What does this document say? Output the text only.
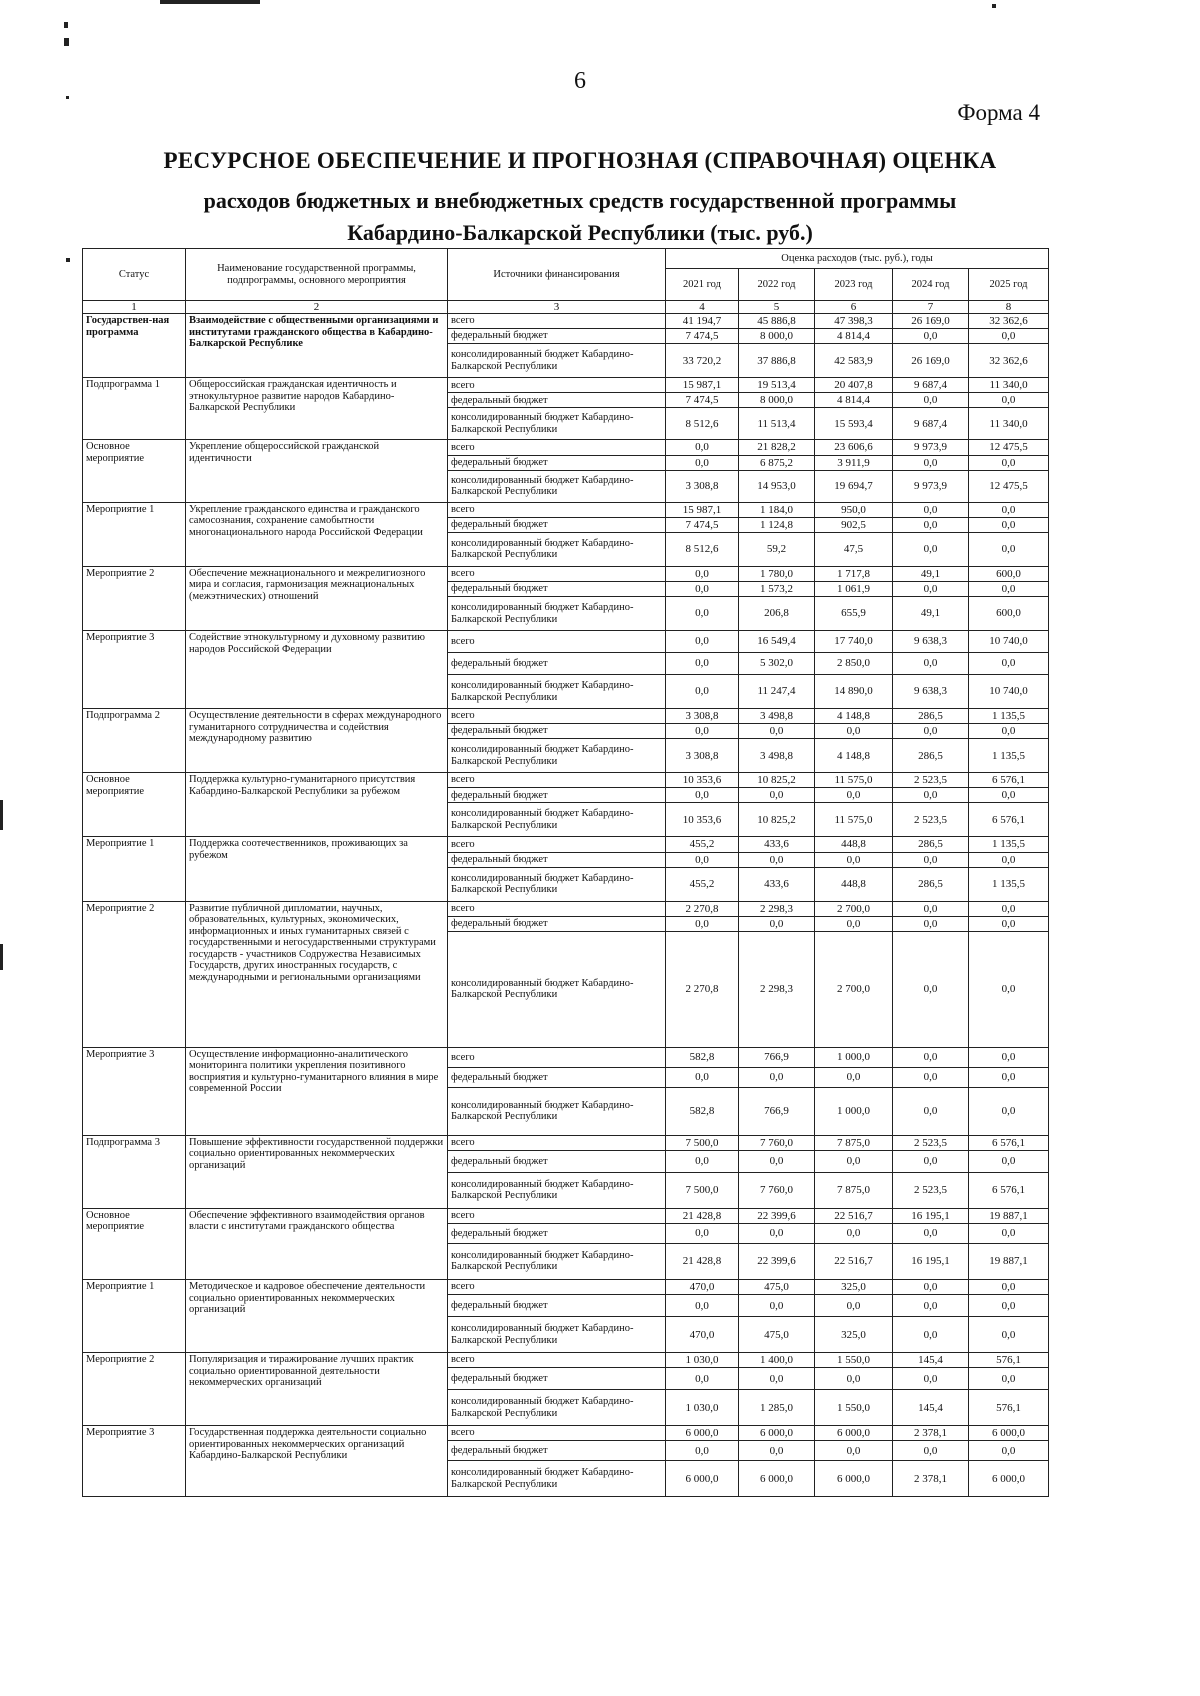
6
Форма 4
РЕСУРСНОЕ ОБЕСПЕЧЕНИЕ И ПРОГНОЗНАЯ (СПРАВОЧНАЯ) ОЦЕНКА
расходов бюджетных и внебюджетных средств государственной программы
Кабардино-Балкарской Республики (тыс. руб.)
Статус	Наименование государственной программы, подпрограммы, основного мероприятия	Источники финансирования	Оценка расходов (тыс. руб.), годы				
			2021 год	2022 год	2023 год	2024 год	2025 год
1	2	3	4	5	6	7	8
Государствен-ная программа	Взаимодействие с общественными организациями и институтами гражданского общества в Кабардино-Балкарской Республике	всего	41 194,7	45 886,8	47 398,3	26 169,0	32 362,6
		федеральный бюджет	7 474,5	8 000,0	4 814,4	0,0	0,0
		консолидированный бюджет Кабардино-Балкарской Республики	33 720,2	37 886,8	42 583,9	26 169,0	32 362,6
Подпрограмма 1	Общероссийская гражданская идентичность и этнокультурное развитие народов Кабардино-Балкарской Республики	всего	15 987,1	19 513,4	20 407,8	9 687,4	11 340,0
		федеральный бюджет	7 474,5	8 000,0	4 814,4	0,0	0,0
		консолидированный бюджет Кабардино-Балкарской Республики	8 512,6	11 513,4	15 593,4	9 687,4	11 340,0
Основное мероприятие	Укрепление общероссийской гражданской идентичности	всего	0,0	21 828,2	23 606,6	9 973,9	12 475,5
		федеральный бюджет	0,0	6 875,2	3 911,9	0,0	0,0
		консолидированный бюджет Кабардино-Балкарской Республики	3 308,8	14 953,0	19 694,7	9 973,9	12 475,5
Мероприятие 1	Укрепление гражданского единства и гражданского самосознания, сохранение самобытности многонационального народа Российской Федерации	всего	15 987,1	1 184,0	950,0	0,0	0,0
		федеральный бюджет	7 474,5	1 124,8	902,5	0,0	0,0
		консолидированный бюджет Кабардино-Балкарской Республики	8 512,6	59,2	47,5	0,0	0,0
Мероприятие 2	Обеспечение межнационального и межрелигиозного мира и согласия, гармонизация межнациональных (межэтнических) отношений	всего	0,0	1 780,0	1 717,8	49,1	600,0
		федеральный бюджет	0,0	1 573,2	1 061,9	0,0	0,0
		консолидированный бюджет Кабардино-Балкарской Республики	0,0	206,8	655,9	49,1	600,0
Мероприятие 3	Содействие этнокультурному и духовному развитию народов Российской Федерации	всего	0,0	16 549,4	17 740,0	9 638,3	10 740,0
		федеральный бюджет	0,0	5 302,0	2 850,0	0,0	0,0
		консолидированный бюджет Кабардино-Балкарской Республики	0,0	11 247,4	14 890,0	9 638,3	10 740,0
Подпрограмма 2	Осуществление деятельности в сферах международного гуманитарного сотрудничества и содействия международному развитию	всего	3 308,8	3 498,8	4 148,8	286,5	1 135,5
		федеральный бюджет	0,0	0,0	0,0	0,0	0,0
		консолидированный бюджет Кабардино-Балкарской Республики	3 308,8	3 498,8	4 148,8	286,5	1 135,5
Основное мероприятие	Поддержка культурно-гуманитарного присутствия Кабардино-Балкарской Республики за рубежом	всего	10 353,6	10 825,2	11 575,0	2 523,5	6 576,1
		федеральный бюджет	0,0	0,0	0,0	0,0	0,0
		консолидированный бюджет Кабардино-Балкарской Республики	10 353,6	10 825,2	11 575,0	2 523,5	6 576,1
Мероприятие 1	Поддержка соотечественников, проживающих за рубежом	всего	455,2	433,6	448,8	286,5	1 135,5
		федеральный бюджет	0,0	0,0	0,0	0,0	0,0
		консолидированный бюджет Кабардино-Балкарской Республики	455,2	433,6	448,8	286,5	1 135,5
Мероприятие 2	Развитие публичной дипломатии, научных, образовательных, культурных, экономических, информационных и иных гуманитарных связей с государственными и негосударственными структурами государств - участников Содружества Независимых Государств, других иностранных государств, с международными и региональными организациями	всего	2 270,8	2 298,3	2 700,0	0,0	0,0
		федеральный бюджет	0,0	0,0	0,0	0,0	0,0
		консолидированный бюджет Кабардино-Балкарской Республики	2 270,8	2 298,3	2 700,0	0,0	0,0
Мероприятие 3	Осуществление информационно-аналитического мониторинга политики укрепления позитивного восприятия и культурно-гуманитарного влияния в мире современной России	всего	582,8	766,9	1 000,0	0,0	0,0
		федеральный бюджет	0,0	0,0	0,0	0,0	0,0
		консолидированный бюджет Кабардино-Балкарской Республики	582,8	766,9	1 000,0	0,0	0,0
Подпрограмма 3	Повышение эффективности государственной поддержки социально ориентированных некоммерческих организаций	всего	7 500,0	7 760,0	7 875,0	2 523,5	6 576,1
		федеральный бюджет	0,0	0,0	0,0	0,0	0,0
		консолидированный бюджет Кабардино-Балкарской Республики	7 500,0	7 760,0	7 875,0	2 523,5	6 576,1
Основное мероприятие	Обеспечение эффективного взаимодействия органов власти с институтами гражданского общества	всего	21 428,8	22 399,6	22 516,7	16 195,1	19 887,1
		федеральный бюджет	0,0	0,0	0,0	0,0	0,0
		консолидированный бюджет Кабардино-Балкарской Республики	21 428,8	22 399,6	22 516,7	16 195,1	19 887,1
Мероприятие 1	Методическое и кадровое обеспечение деятельности социально ориентированных некоммерческих организаций	всего	470,0	475,0	325,0	0,0	0,0
		федеральный бюджет	0,0	0,0	0,0	0,0	0,0
		консолидированный бюджет Кабардино-Балкарской Республики	470,0	475,0	325,0	0,0	0,0
Мероприятие 2	Популяризация и тиражирование лучших практик социально ориентированной деятельности некоммерческих организаций	всего	1 030,0	1 400,0	1 550,0	145,4	576,1
		федеральный бюджет	0,0	0,0	0,0	0,0	0,0
		консолидированный бюджет Кабардино-Балкарской Республики	1 030,0	1 285,0	1 550,0	145,4	576,1
Мероприятие 3	Государственная поддержка деятельности социально ориентированных некоммерческих организаций Кабардино-Балкарской Республики	всего	6 000,0	6 000,0	6 000,0	2 378,1	6 000,0
		федеральный бюджет	0,0	0,0	0,0	0,0	0,0
		консолидированный бюджет Кабардино-Балкарской Республики	6 000,0	6 000,0	6 000,0	2 378,1	6 000,0
